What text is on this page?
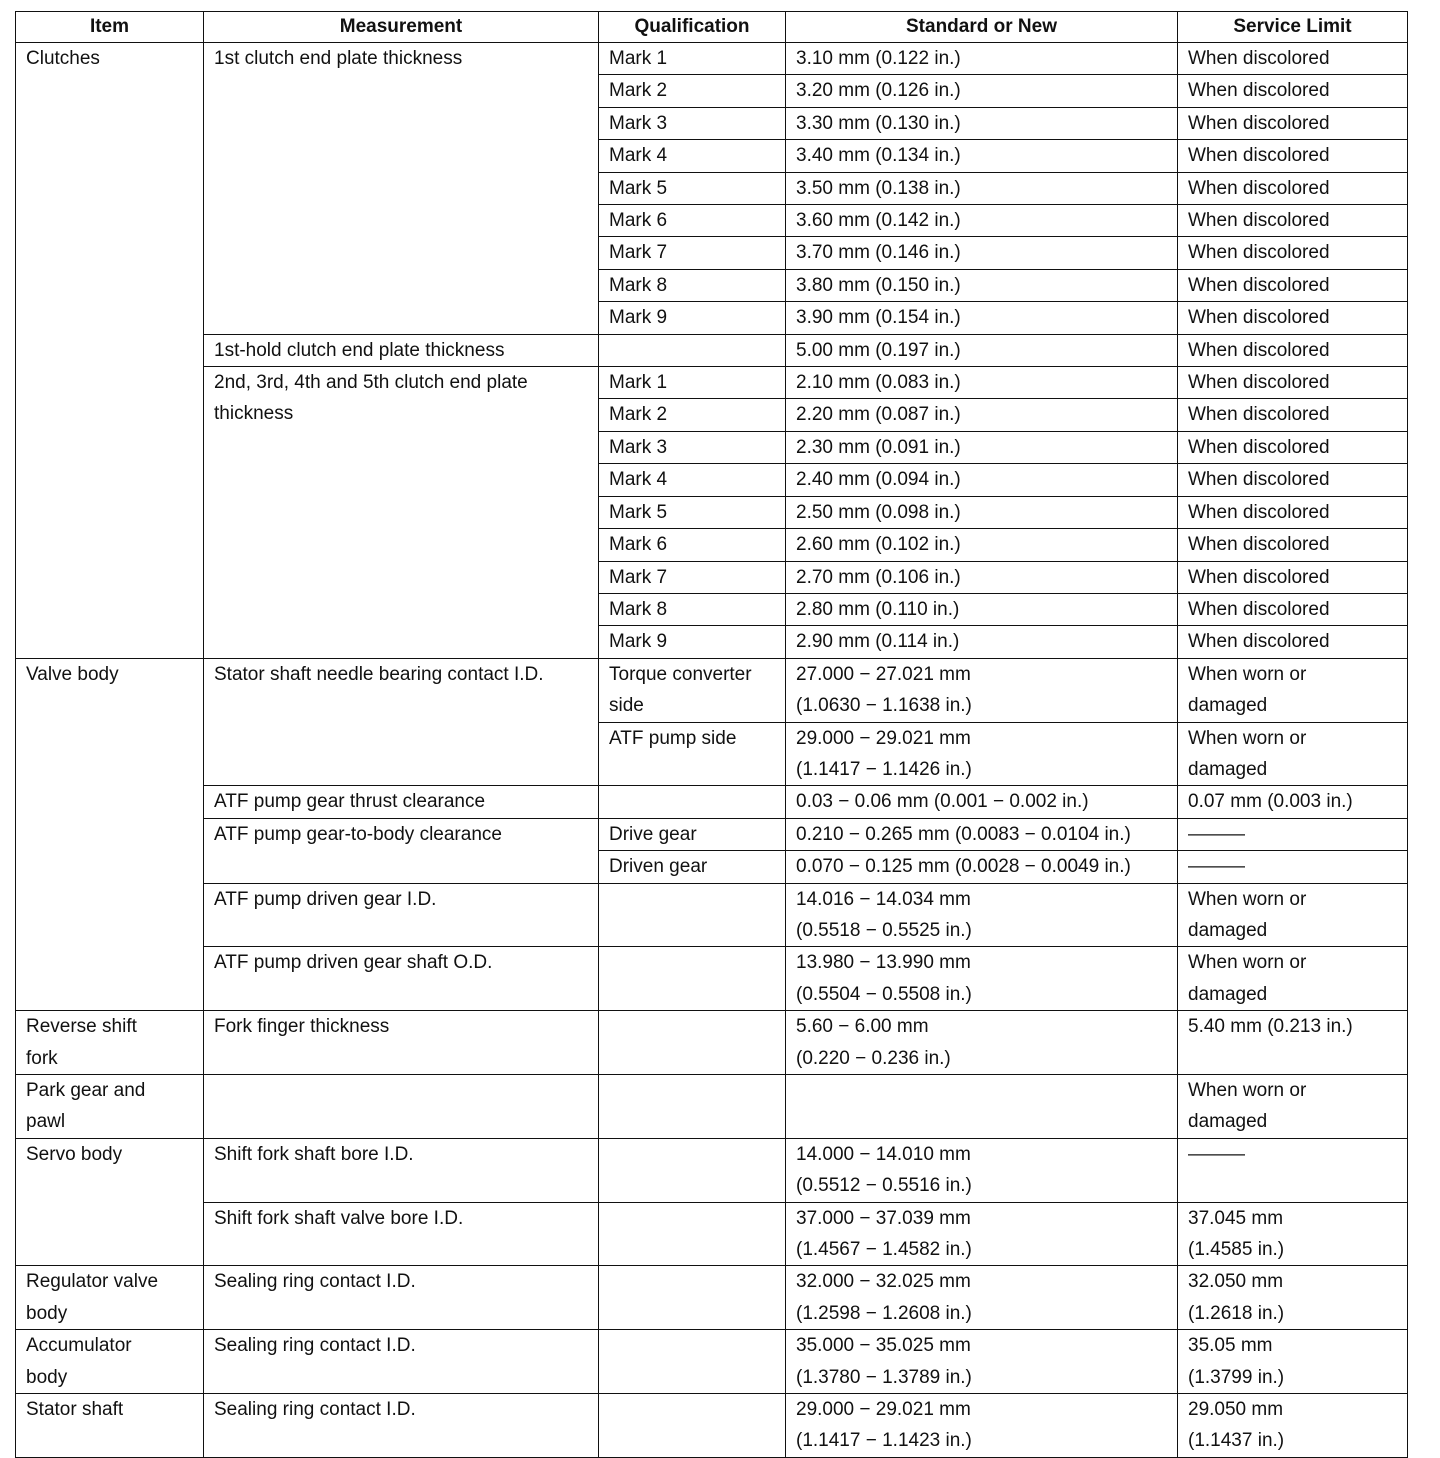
Item	Measurement	Qualification	Standard or New	Service Limit

Clutches	1st clutch end plate thickness	Mark 1	3.10 mm (0.122 in.)	When discolored

		Mark 2	3.20 mm (0.126 in.)	When discolored

		Mark 3	3.30 mm (0.130 in.)	When discolored

		Mark 4	3.40 mm (0.134 in.)	When discolored

		Mark 5	3.50 mm (0.138 in.)	When discolored

		Mark 6	3.60 mm (0.142 in.)	When discolored

		Mark 7	3.70 mm (0.146 in.)	When discolored

		Mark 8	3.80 mm (0.150 in.)	When discolored

		Mark 9	3.90 mm (0.154 in.)	When discolored

	1st-hold clutch end plate thickness		5.00 mm (0.197 in.)	When discolored

	2nd, 3rd, 4th and 5th clutch end plate
thickness	Mark 1	2.10 mm (0.083 in.)	When discolored

		Mark 2	2.20 mm (0.087 in.)	When discolored

		Mark 3	2.30 mm (0.091 in.)	When discolored

		Mark 4	2.40 mm (0.094 in.)	When discolored

		Mark 5	2.50 mm (0.098 in.)	When discolored

		Mark 6	2.60 mm (0.102 in.)	When discolored

		Mark 7	2.70 mm (0.106 in.)	When discolored

		Mark 8	2.80 mm (0.110 in.)	When discolored

		Mark 9	2.90 mm (0.114 in.)	When discolored

Valve body	Stator shaft needle bearing contact I.D.	Torque converter
side	27.000 − 27.021 mm
(1.0630 − 1.1638 in.)	When worn or
damaged

		ATF pump side	29.000 − 29.021 mm
(1.1417 − 1.1426 in.)	When worn or
damaged

	ATF pump gear thrust clearance		0.03 − 0.06 mm (0.001 − 0.002 in.)	0.07 mm (0.003 in.)

	ATF pump gear-to-body clearance	Drive gear	0.210 − 0.265 mm (0.0083 − 0.0104 in.)	———

		Driven gear	0.070 − 0.125 mm (0.0028 − 0.0049 in.)	———

	ATF pump driven gear I.D.		14.016 − 14.034 mm
(0.5518 − 0.5525 in.)	When worn or
damaged

	ATF pump driven gear shaft O.D.		13.980 − 13.990 mm
(0.5504 − 0.5508 in.)	When worn or
damaged

Reverse shift
fork	Fork finger thickness		5.60 − 6.00 mm
(0.220 − 0.236 in.)	5.40 mm (0.213 in.)

Park gear and
pawl				When worn or
damaged

Servo body	Shift fork shaft bore I.D.		14.000 − 14.010 mm
(0.5512 − 0.5516 in.)	———

	Shift fork shaft valve bore I.D.		37.000 − 37.039 mm
(1.4567 − 1.4582 in.)	37.045 mm
(1.4585 in.)

Regulator valve
body	Sealing ring contact I.D.		32.000 − 32.025 mm
(1.2598 − 1.2608 in.)	32.050 mm
(1.2618 in.)

Accumulator
body	Sealing ring contact I.D.		35.000 − 35.025 mm
(1.3780 − 1.3789 in.)	35.05 mm
(1.3799 in.)

Stator shaft	Sealing ring contact I.D.		29.000 − 29.021 mm
(1.1417 − 1.1423 in.)	29.050 mm
(1.1437 in.)
